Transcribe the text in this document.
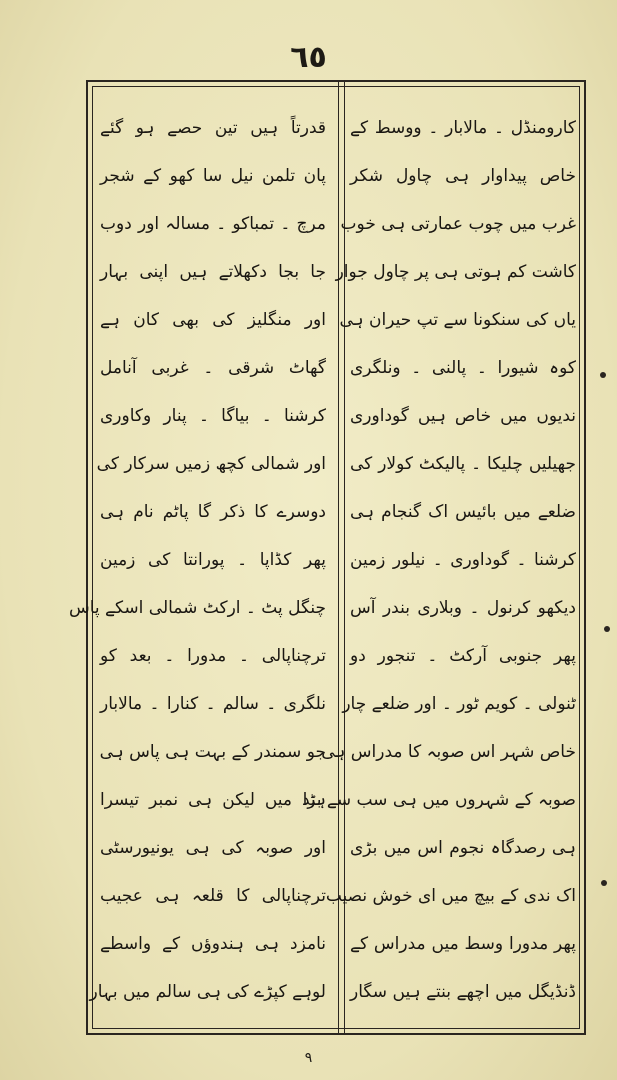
٦٥
کارومنڈل ۔ مالابار ۔ ووسط کے
خاص پیداوار ہی چاول شکر
غرب میں چوب عمارتی ہی خوب
کاشت کم ہوتی ہی پر چاول جوار
یاں کی سنکونا سے تپ حیران ہی
کوہ شیورا ۔ پالنی ۔ ونلگری
ندیوں میں خاص ہیں گوداوری
جھیلیں چلیکا ۔ پالیکٹ کولار کی
ضلعے میں بائیس اک گنجام ہی
کرشنا ۔ گوداوری ۔ نیلور زمین
دیکھو کرنول ۔ وبلاری بندر آس
پھر جنوبی آرکٹ ۔ تنجور دو
ٹنولی ۔ کویم ٹور ۔ اور ضلعے چار
خاص شہر اس صوبہ کا مدراس ہی
صوبہ کے شہروں میں ہی سب سے بڑا
ہی رصدگاہ نجوم اس میں بڑی
اک ندی کے بیچ میں ای خوش نصیب
پھر مدورا وسط میں مدراس کے
ڈنڈیگل میں اچھے بنتے ہیں سگار
قدرتاً ہیں تین حصے ہو گئے
پان تلمن نیل سا کھو کے شجر
مرچ ۔ تمباکو ۔ مسالہ اور دوب
جا بجا دکھلاتے ہیں اپنی بہار
اور منگلیز کی بھی کان ہے
گھاٹ شرقی ۔ غربی آنامل
کرشنا ۔ بیاگا ۔ پنار وکاوری
اور شمالی کچھ زمیں سرکار کی
دوسرے کا ذکر گا پاٹم نام ہی
پھر کڈاپا ۔ پورانتا کی زمین
چنگل پٹ ۔ ارکٹ شمالی اسکے پاس
ترچناپالی ۔ مدورا ۔ بعد کو
نلگری ۔ سالم ۔ کنارا ۔ مالابار
جو سمندر کے بہت ہی پاس ہی
ہند میں لیکن ہی نمبر تیسرا
اور صوبہ کی ہی یونیورسٹی
ترچناپالی کا قلعہ ہی عجیب
نامزد ہی ہندوؤں کے واسطے
لوہے کپڑے کی ہی سالم میں بہار
٩
